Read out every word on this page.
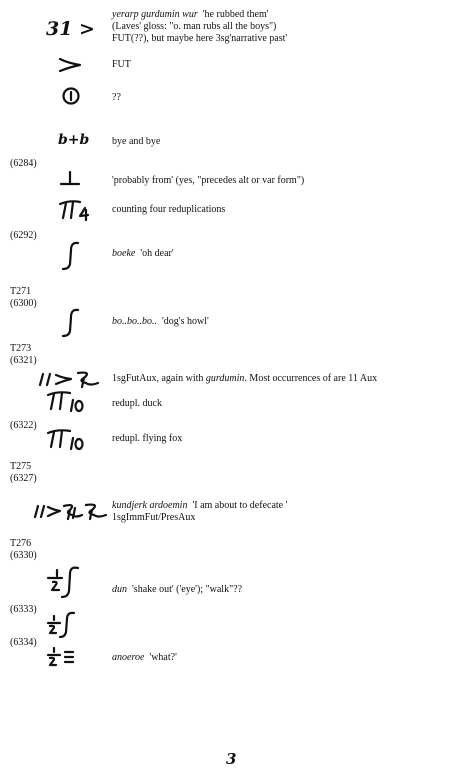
yerarp gurdumin wur 'he rubbed them'
(Laves' gloss: "o. man rubs all the boys")
FUT(??), but maybe here 3sg'narrative past'
31 >
FUT
??
b+b bye and bye
(6284)
'probably from' (yes, "precedes alt or var form")
counting four reduplications
(6292)
boeke 'oh dear'
T271
(6300)
bo..bo..bo.. 'dog's howl'
T273
(6321)
1sgFutAux, again with gurdumin. Most occurrences of are 11 Aux
redupl. duck
(6322)
redupl. flying fox
T275
(6327)
kundjerk ardoemin 'I am about to defecate '
1sgImmFut/PresAux
T276
(6330)
dun 'shake out' ('eye'); "walk"??
(6333)
(6334)
anoeroe 'what?'
3
